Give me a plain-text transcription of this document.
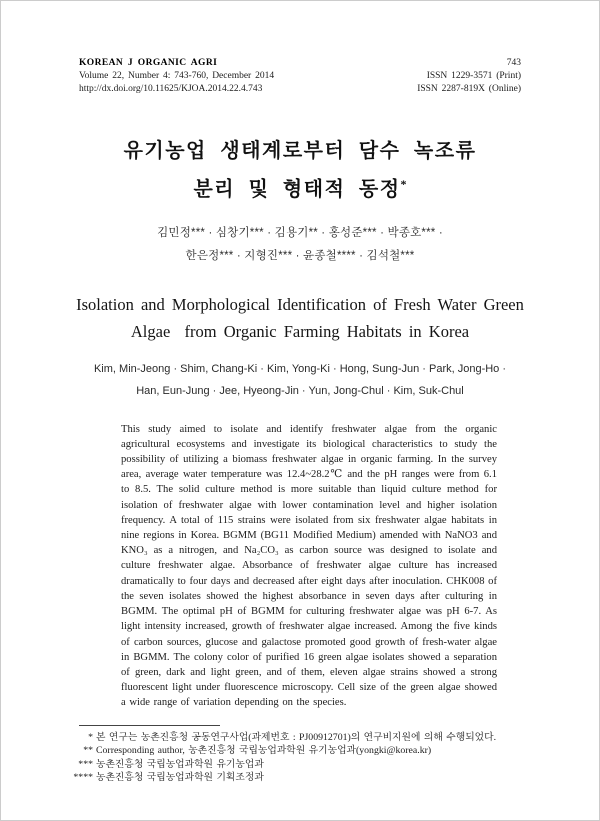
KOREAN J ORGANIC AGRI
Volume 22, Number 4: 743-760, December 2014
http://dx.doi.org/10.11625/KJOA.2014.22.4.743
743
ISSN 1229-3571 (Print)
ISSN 2287-819X (Online)
유기농업 생태계로부터 담수 녹조류
분리 및 형태적 동정*
김민정*** · 심창기*** · 김용기** · 홍성준*** · 박종호*** ·
한은정*** · 지형진*** · 윤종철**** · 김석철***
Isolation and Morphological Identification of Fresh Water Green
Algae  from Organic Farming Habitats in Korea
Kim, Min-Jeong · Shim, Chang-Ki · Kim, Yong-Ki · Hong, Sung-Jun · Park, Jong-Ho ·
Han, Eun-Jung · Jee, Hyeong-Jin · Yun, Jong-Chul · Kim, Suk-Chul
This study aimed to isolate and identify freshwater algae from the organic agricultural ecosystems and investigate its biological characteristics to study the possibility of utilizing a biomass freshwater algae in organic farming. In the survey area, average water temperature was 12.4~28.2℃ and the pH ranges were from 6.1 to 8.5. The solid culture method is more suitable than liquid culture method for isolation of freshwater algae with lower contamination level and higher isolation frequency. A total of 115 strains were isolated from six freshwater algae habitats in nine regions in Korea. BGMM (BG11 Modified Medium) amended with NaNO3 and KNO₃ as a nitrogen, and Na₂CO₃ as carbon source was designed to isolate and culture freshwater algae. Absorbance of freshwater algae culture has increased dramatically to four days and decreased after eight days after inoculation. CHK008 of the seven isolates showed the highest absorbance in seven days after culturing in BGMM. The optimal pH of BGMM for culturing freshwater algae was pH 6-7. As light intensity increased, growth of freshwater algae increased. Among the five kinds of carbon sources, glucose and galactose promoted good growth of fresh-water algae in BGMM. The colony color of purified 16 green algae isolates showed a separation of green, dark and light green, and of them, eleven algae strains showed a strong fluorescent light under fluorescence microscopy. Cell size of the green algae showed a wide range of variation depending on the species.
* 본 연구는 농촌진흥청 공동연구사업(과제번호 : PJ00912701)의 연구비지원에 의해 수행되었다.
** Corresponding author, 농촌진흥청 국립농업과학원 유기농업과(yongki@korea.kr)
*** 농촌진흥청 국립농업과학원 유기농업과
**** 농촌진흥청 국립농업과학원 기획조정과
